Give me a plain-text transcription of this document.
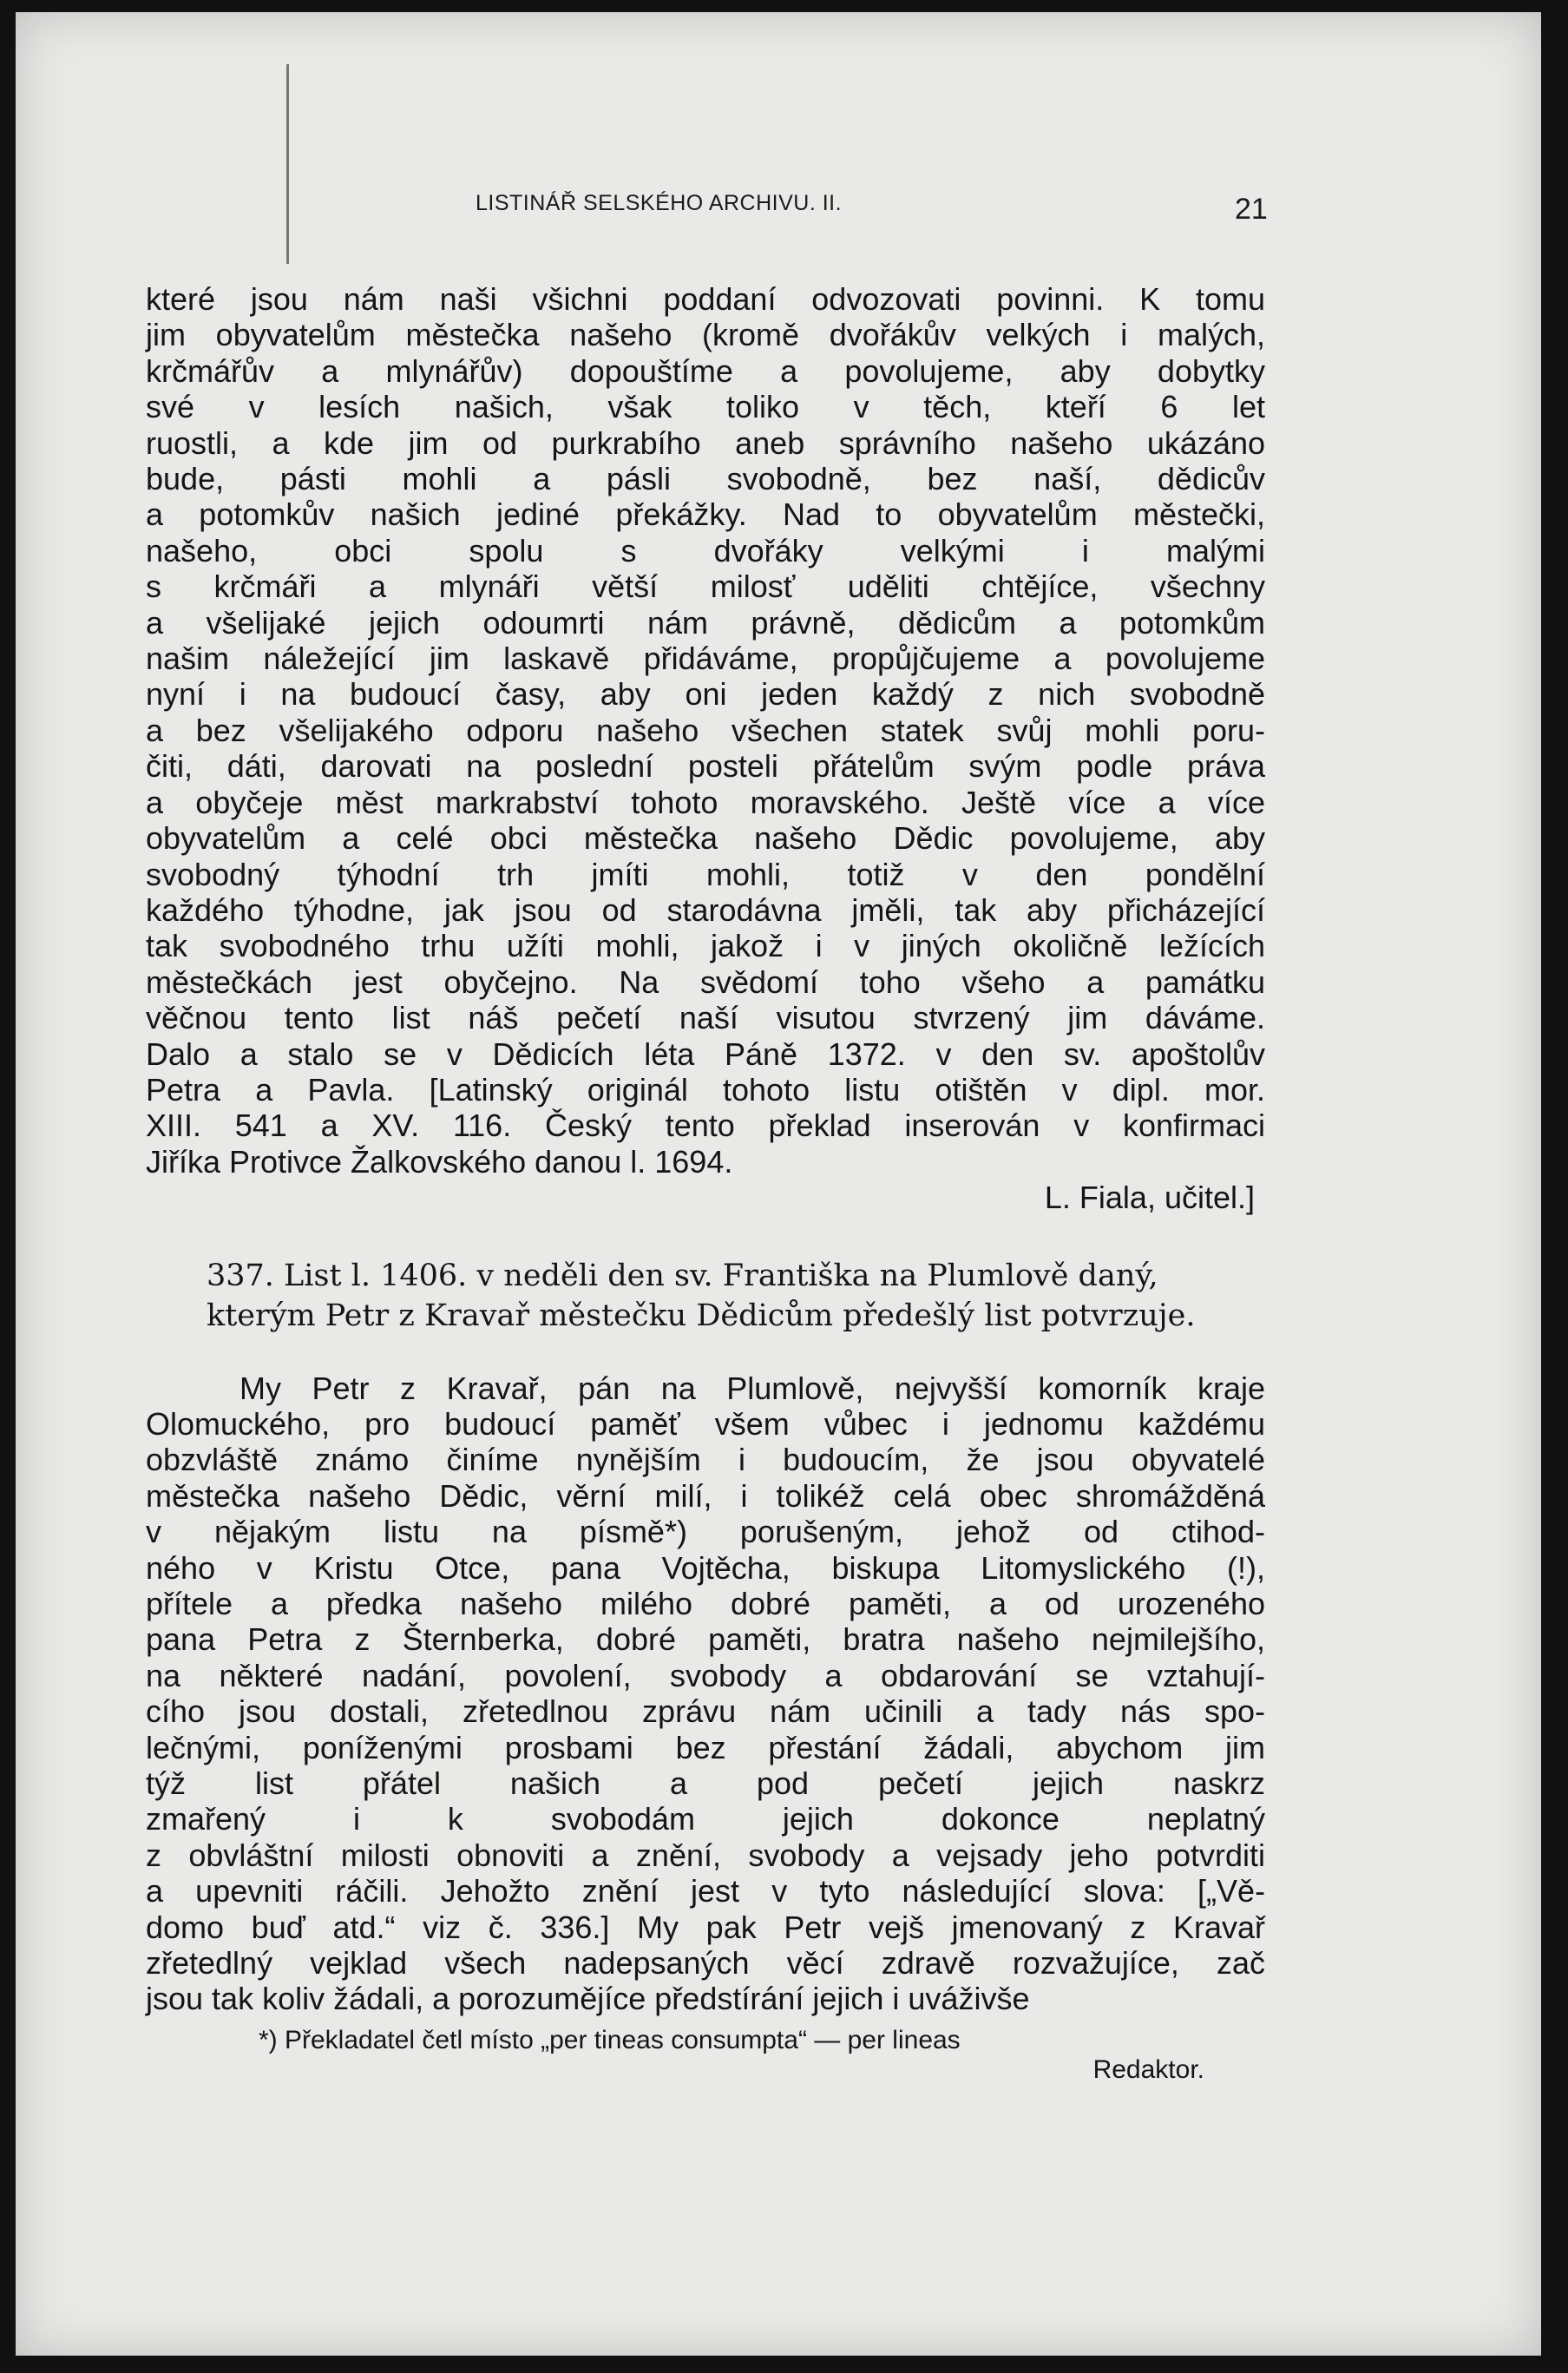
LISTINÁŘ SELSKÉHO ARCHIVU. II.	21
které jsou nám naši všichni poddaní odvozovati povinni. K tomu
jim obyvatelům městečka našeho (kromě dvořákův velkých i malých,
krčmářův a mlynářův) dopouštíme a povolujeme, aby dobytky
své v lesích našich, však toliko v těch, kteří 6 let
ruostli, a kde jim od purkrabího aneb správního našeho ukázáno
bude, pásti mohli a pásli svobodně, bez naší, dědicův
a potomkův našich jediné překážky. Nad to obyvatelům městečki,
našeho, obci spolu s dvořáky velkými i malými
s krčmáři a mlynáři větší milosť uděliti chtějíce, všechny
a všelijaké jejich odoumrti nám právně, dědicům a potomkům
našim náležející jim laskavě přidáváme, propůjčujeme a povolujeme
nyní i na budoucí časy, aby oni jeden každý z nich svobodně
a bez všelijakého odporu našeho všechen statek svůj mohli poru-
čiti, dáti, darovati na poslední posteli přátelům svým podle práva
a obyčeje měst markrabství tohoto moravského. Ještě více a více
obyvatelům a celé obci městečka našeho Dědic povolujeme, aby
svobodný týhodní trh jmíti mohli, totiž v den pondělní
každého týhodne, jak jsou od starodávna jměli, tak aby přicházející
tak svobodného trhu užíti mohli, jakož i v jiných okoličně ležících
městečkách jest obyčejno. Na svědomí toho všeho a památku
věčnou tento list náš pečetí naší visutou stvrzený jim dáváme.
Dalo a stalo se v Dědicích léta Páně 1372. v den sv. apoštolův
Petra a Pavla. [Latinský originál tohoto listu otištěn v dipl. mor.
XIII. 541 a XV. 116. Český tento překlad inserován v konfirmaci
Jiříka Protivce Žalkovského danou l. 1694.
L. Fiala, učitel.]
337. List l. 1406. v neděli den sv. Františka na Plumlově daný,
kterým Petr z Kravař městečku Dědicům předešlý list potvrzuje.
My Petr z Kravař, pán na Plumlově, nejvyšší komorník kraje
Olomuckého, pro budoucí paměť všem vůbec i jednomu každému
obzvláště známo činíme nynějším i budoucím, že jsou obyvatelé
městečka našeho Dědic, věrní milí, i tolikéž celá obec shromážděná
v nějakým listu na písmě*) porušeným, jehož od ctihod-
ného v Kristu Otce, pana Vojtěcha, biskupa Litomyslického (!),
přítele a předka našeho milého dobré paměti, a od urozeného
pana Petra z Šternberka, dobré paměti, bratra našeho nejmilejšího,
na některé nadání, povolení, svobody a obdarování se vztahují-
cího jsou dostali, zřetedlnou zprávu nám učinili a tady nás spo-
lečnými, poníženými prosbami bez přestání žádali, abychom jim
týž list přátel našich a pod pečetí jejich naskrz
zmařený i k svobodám jejich dokonce neplatný
z obvláštní milosti obnoviti a znění, svobody a vejsady jeho potvrditi
a upevniti ráčili. Jehožto znění jest v tyto následující slova: [„Vě-
domo buď atd.“ viz č. 336.] My pak Petr vejš jmenovaný z Kravař
zřetedlný vejklad všech nadepsaných věcí zdravě rozvažujíce, zač
jsou tak koliv žádali, a porozumějíce předstírání jejich i uváživše
*) Překladatel četl místo „per tineas consumpta“ — per lineas
Redaktor.
